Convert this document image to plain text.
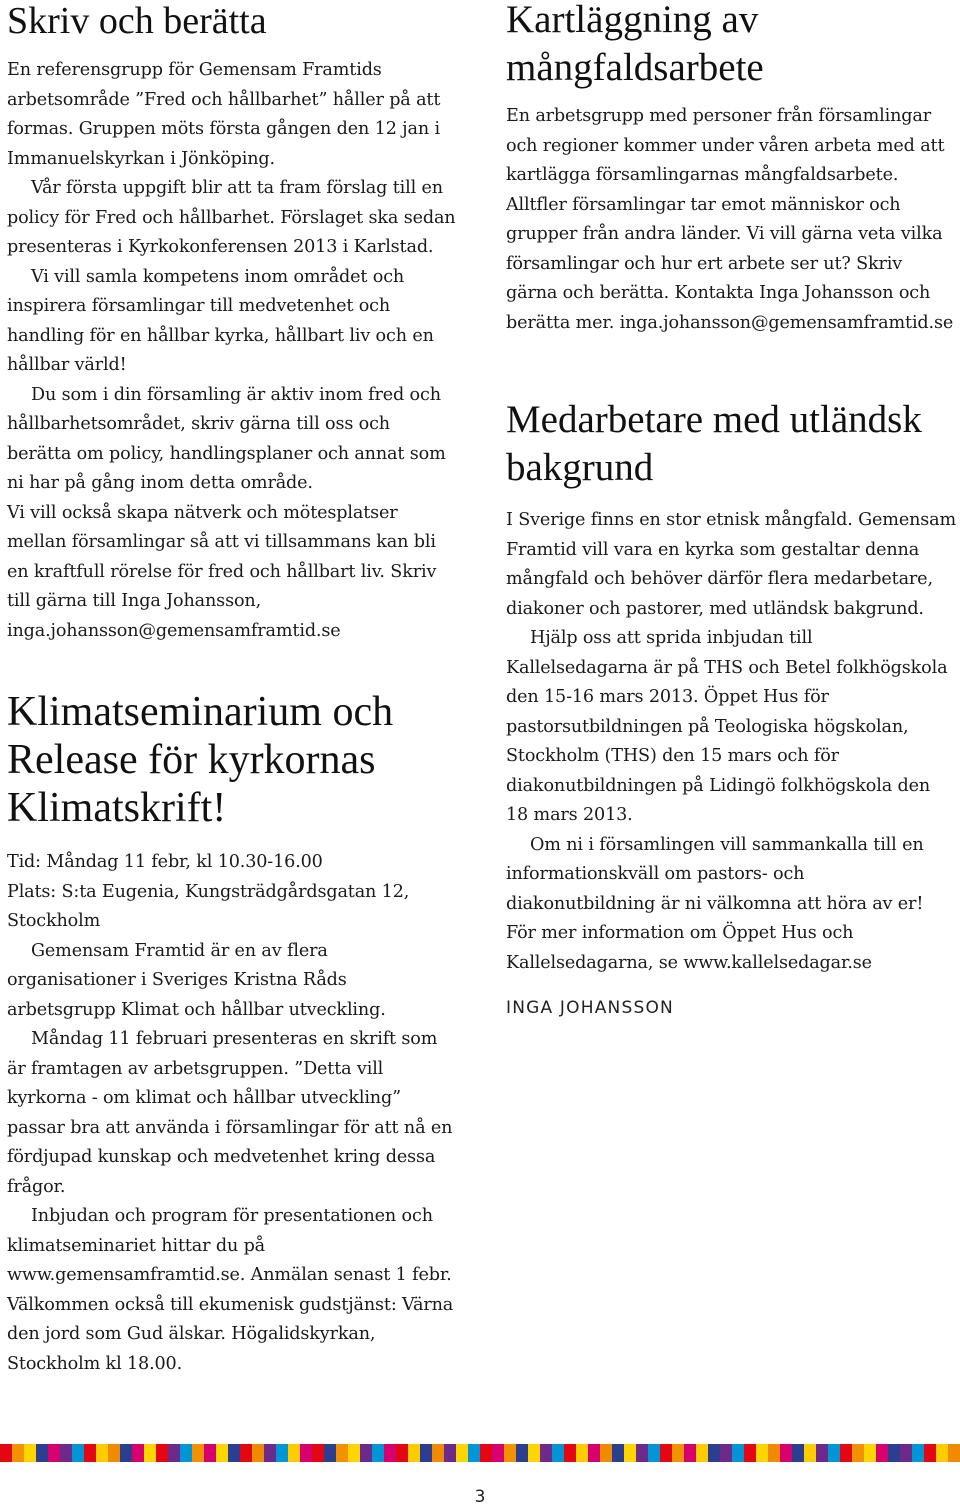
Skriv och berätta

En referensgrupp för Gemensam Framtids arbetsområde ”Fred och hållbarhet” håller på att formas. Gruppen möts första gången den 12 jan i Immanuelskyrkan i Jönköping.

Vår första uppgift blir att ta fram förslag till en policy för Fred och hållbarhet. Förslaget ska sedan presenteras i Kyrkokonferensen 2013 i Karlstad.

Vi vill samla kompetens inom området och inspirera församlingar till medvetenhet och handling för en hållbar kyrka, hållbart liv och en hållbar värld!

Du som i din församling är aktiv inom fred och hållbarhetsområdet, skriv gärna till oss och berätta om policy, handlingsplaner och annat som ni har på gång inom detta område.

Vi vill också skapa nätverk och mötesplatser mellan församlingar så att vi tillsammans kan bli en kraftfull rörelse för fred och hållbart liv. Skriv till gärna till Inga Johansson, inga.johansson@gemensamframtid.se

Klimatseminarium och Release för kyrkornas Klimatskrift!

Tid: Måndag 11 febr, kl 10.30-16.00

Plats: S:ta Eugenia, Kungsträdgårdsgatan 12, Stockholm

Gemensam Framtid är en av flera organisationer i Sveriges Kristna Råds arbetsgrupp Klimat och hållbar utveckling.

Måndag 11 februari presenteras en skrift som är framtagen av arbetsgruppen. ”Detta vill kyrkorna - om klimat och hållbar utveckling” passar bra att använda i församlingar för att nå en fördjupad kunskap och medvetenhet kring dessa frågor.

Inbjudan och program för presentationen och klimatseminariet hittar du på www.gemensamframtid.se. Anmälan senast 1 febr.

Välkommen också till ekumenisk gudstjänst: Värna den jord som Gud älskar. Högalidskyrkan, Stockholm kl 18.00.

Kartläggning av mångfaldsarbete

En arbetsgrupp med personer från församlingar och regioner kommer under våren arbeta med att kartlägga församlingarnas mångfaldsarbete. Alltfler församlingar tar emot människor och grupper från andra länder. Vi vill gärna veta vilka församlingar och hur ert arbete ser ut? Skriv gärna och berätta. Kontakta Inga Johansson och berätta mer. inga.johansson@gemensamframtid.se

Medarbetare med utländsk bakgrund

I Sverige finns en stor etnisk mångfald. Gemensam Framtid vill vara en kyrka som gestaltar denna mångfald och behöver därför flera medarbetare, diakoner och pastorer, med utländsk bakgrund.

Hjälp oss att sprida inbjudan till Kallelsedagarna är på THS och Betel folkhögskola den 15-16 mars 2013. Öppet Hus för pastorsutbildningen på Teologiska högskolan, Stockholm (THS) den 15 mars och för diakonutbildningen på Lidingö folkhögskola den 18 mars 2013.

Om ni i församlingen vill sammankalla till en informationskväll om pastors- och diakonutbildning är ni välkomna att höra av er! För mer information om Öppet Hus och Kallelsedagarna, se www.kallelsedagar.se

INGA JOHANSSON
3
